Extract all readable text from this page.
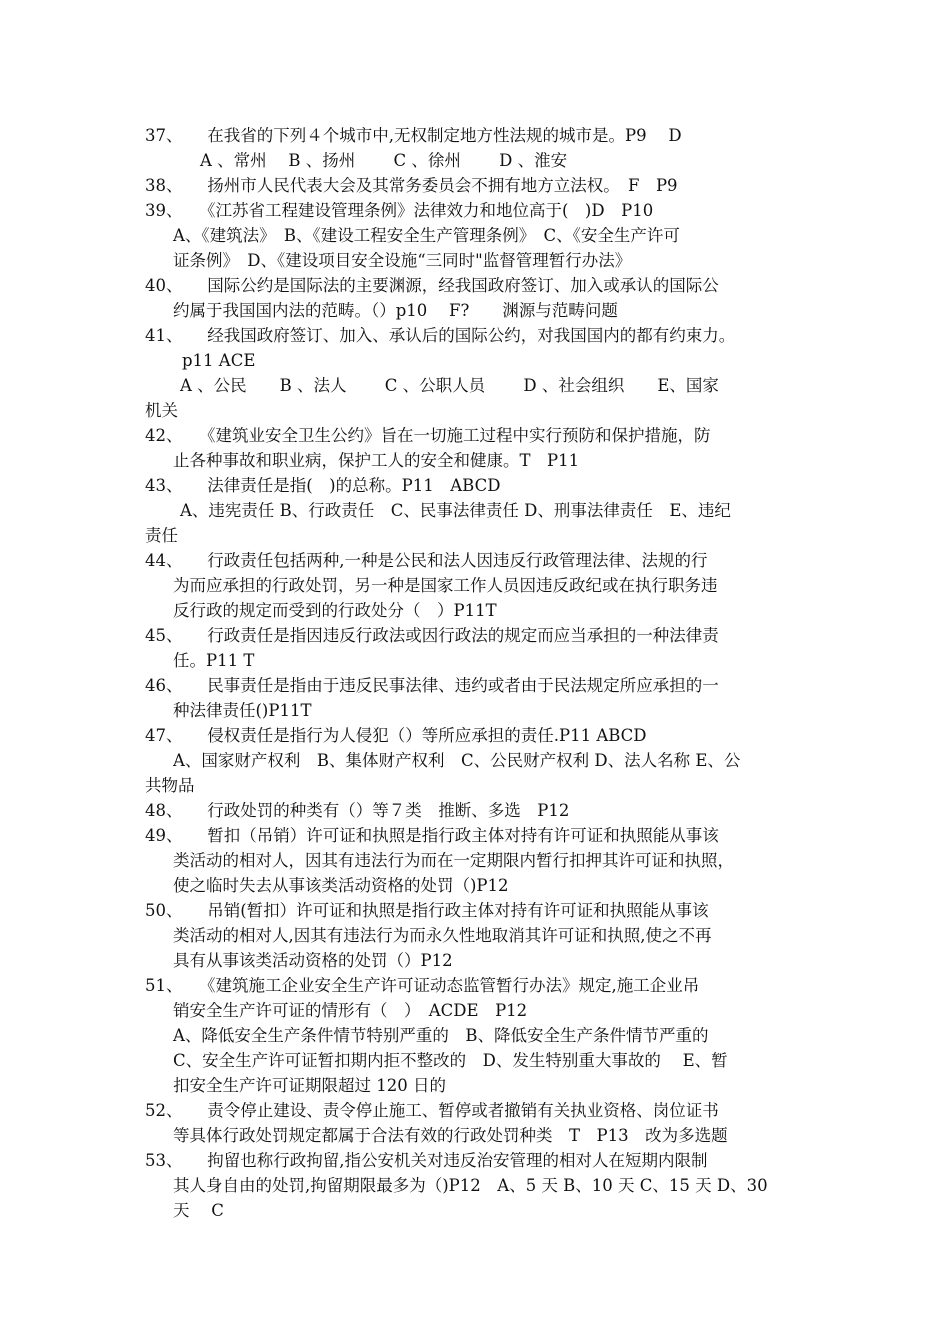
37、　　在我省的下列４个城市中,无权制定地方性法规的城市是。P9　 D
A 、常州　 B 、扬州　　 C 、徐州　　 D 、淮安
38、　　扬州市人民代表大会及其常务委员会不拥有地方立法权。　F　P9
39、　　《江苏省工程建设管理条例》法律效力和地位高于(　)D　P10
A、《建筑法》　B、《建设工程安全生产管理条例》　C、《安全生产许可
证条例》　D、《建设项目安全设施“三同时"监督管理暂行办法》
40、　　国际公约是国际法的主要渊源，经我国政府签订、加入或承认的国际公
约属于我国国内法的范畴。（）p10　 F?　　渊源与范畴问题
41、　　经我国政府签订、加入、承认后的国际公约，对我国国内的都有约束力。
p11 ACE
A 、公民　　B 、法人　　 C 、公职人员　　 D 、社会组织　　E、国家
机关
42、　　《建筑业安全卫生公约》旨在一切施工过程中实行预防和保护措施，防
止各种事故和职业病，保护工人的安全和健康。T　P11
43、　　法律责任是指(　)的总称。P11　ABCD
A、违宪责任 B、行政责任　C、民事法律责任 D、刑事法律责任　E、违纪
责任
44、　　行政责任包括两种,一种是公民和法人因违反行政管理法律、法规的行
为而应承担的行政处罚，另一种是国家工作人员因违反政纪或在执行职务违
反行政的规定而受到的行政处分（　）P11T
45、　　行政责任是指因违反行政法或因行政法的规定而应当承担的一种法律责
任。P11 T
46、　　民事责任是指由于违反民事法律、违约或者由于民法规定所应承担的一
种法律责任()P11T
47、　　侵权责任是指行为人侵犯（）等所应承担的责任.P11 ABCD
A、国家财产权利　B、集体财产权利　C、公民财产权利 D、法人名称 E、公
共物品
48、　　行政处罚的种类有（）等７类　推断、多选　P12
49、　　暂扣（吊销）许可证和执照是指行政主体对持有许可证和执照能从事该
类活动的相对人，因其有违法行为而在一定期限内暂行扣押其许可证和执照，
使之临时失去从事该类活动资格的处罚（)P12
50、　　吊销(暂扣）许可证和执照是指行政主体对持有许可证和执照能从事该
类活动的相对人,因其有违法行为而永久性地取消其许可证和执照,使之不再
具有从事该类活动资格的处罚（）P12
51、　　《建筑施工企业安全生产许可证动态监管暂行办法》规定,施工企业吊
销安全生产许可证的情形有（　）　ACDE　P12
A、降低安全生产条件情节特别严重的　B、降低安全生产条件情节严重的
C、安全生产许可证暂扣期内拒不整改的　D、发生特别重大事故的　 E、暂
扣安全生产许可证期限超过 120 日的
52、　　责令停止建设、责令停止施工、暂停或者撤销有关执业资格、岗位证书
等具体行政处罚规定都属于合法有效的行政处罚种类　T　P13　改为多选题
53、　　拘留也称行政拘留,指公安机关对违反治安管理的相对人在短期内限制
其人身自由的处罚,拘留期限最多为（)P12　A、5 天 B、10 天 C、15 天 D、30
天　 C
